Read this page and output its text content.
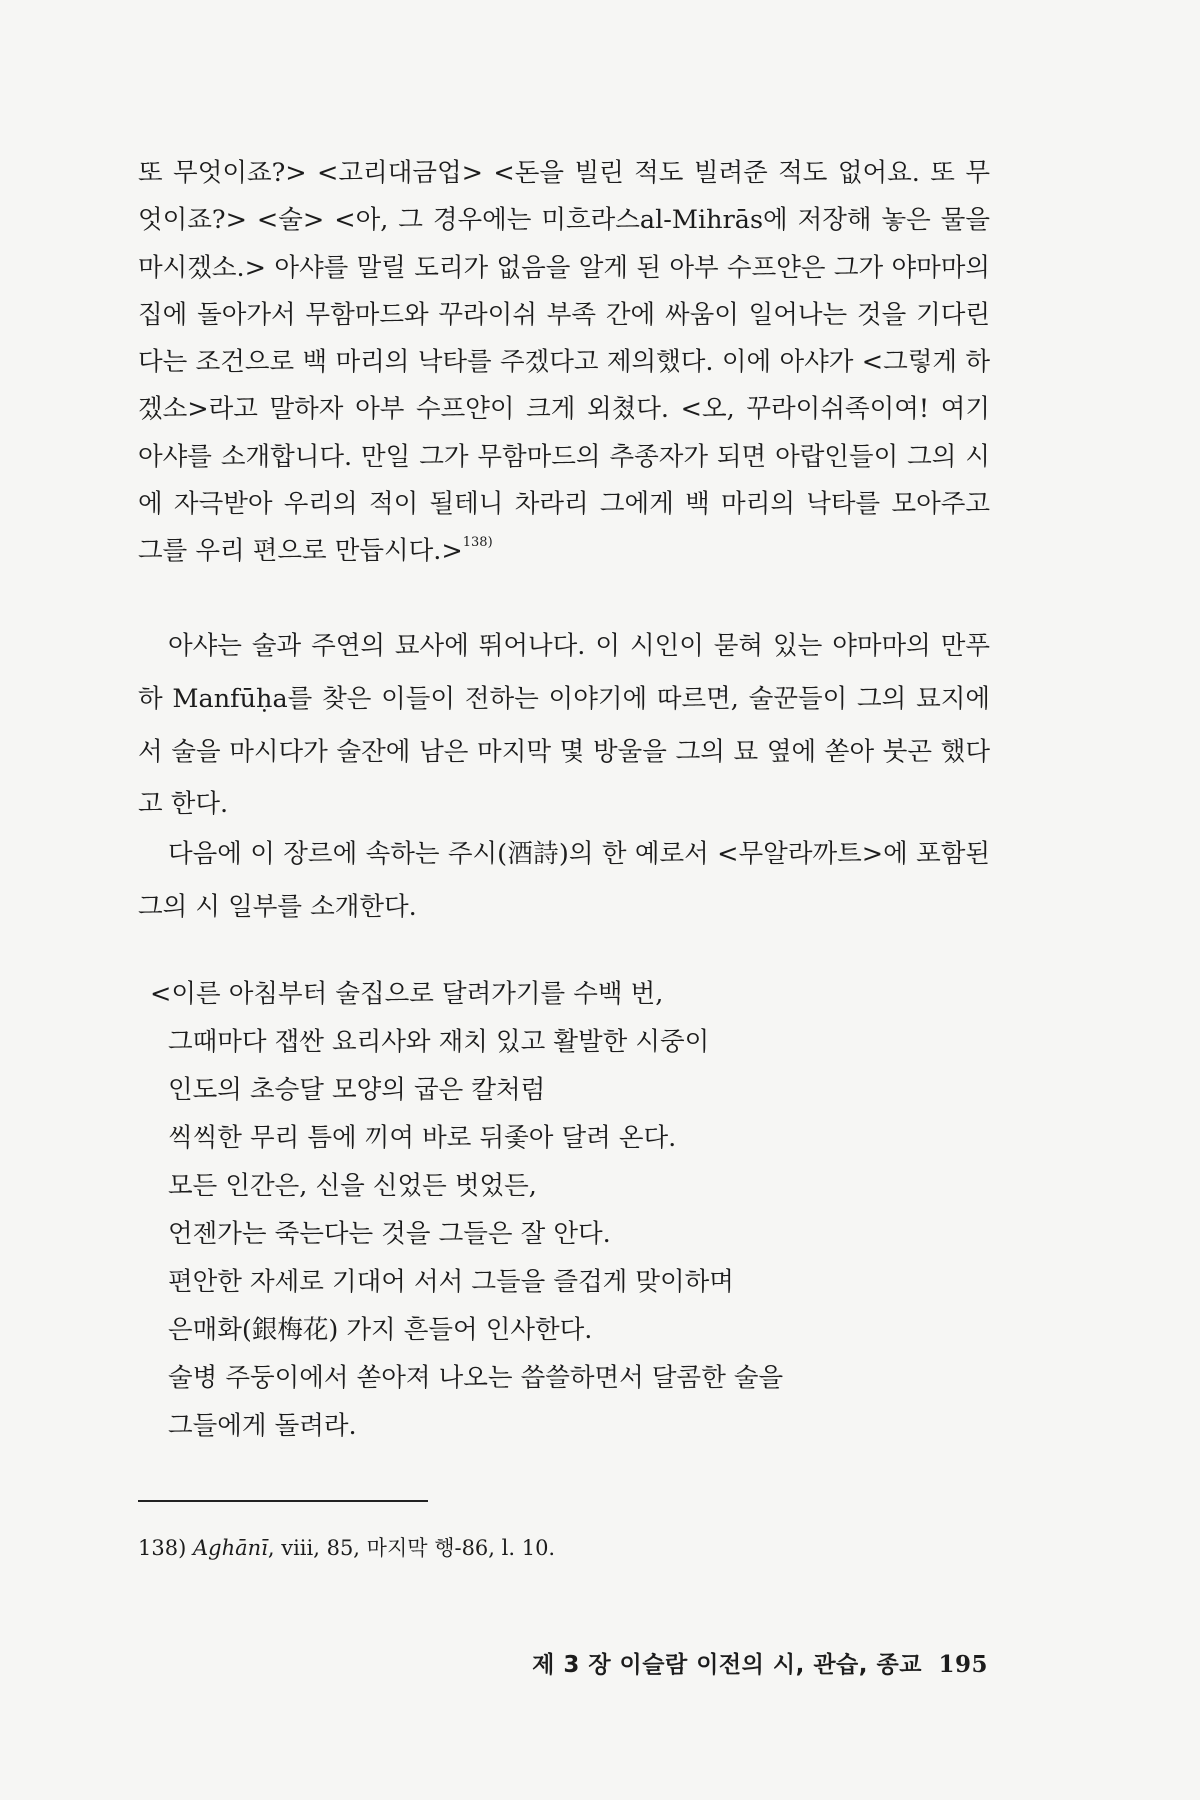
또 무엇이죠?> <고리대금업> <돈을 빌린 적도 빌려준 적도 없어요. 또 무엇이죠?> <술> <아, 그 경우에는 미흐라스al-Mihrās에 저장해 놓은 물을 마시겠소.> 아샤를 말릴 도리가 없음을 알게 된 아부 수프얀은 그가 야마마의 집에 돌아가서 무함마드와 꾸라이쉬 부족 간에 싸움이 일어나는 것을 기다린다는 조건으로 백 마리의 낙타를 주겠다고 제의했다. 이에 아샤가 <그렇게 하겠소>라고 말하자 아부 수프얀이 크게 외쳤다. <오, 꾸라이쉬족이여! 여기 아샤를 소개합니다. 만일 그가 무함마드의 추종자가 되면 아랍인들이 그의 시에 자극받아 우리의 적이 될테니 차라리 그에게 백 마리의 낙타를 모아주고 그를 우리 편으로 만듭시다.>$^{138)}$

아샤는 술과 주연의 묘사에 뛰어나다. 이 시인이 묻혀 있는 야마마의 만푸하 Manfūḥa를 찾은 이들이 전하는 이야기에 따르면, 술꾼들이 그의 묘지에서 술을 마시다가 술잔에 남은 마지막 몇 방울을 그의 묘 옆에 쏟아 붓곤 했다고 한다.

다음에 이 장르에 속하는 주시(酒詩)의 한 예로서 <무알라까트>에 포함된 그의 시 일부를 소개한다.

<이른 아침부터 술집으로 달려가기를 수백 번,
그때마다 잽싼 요리사와 재치 있고 활발한 시중이
인도의 초승달 모양의 굽은 칼처럼
씩씩한 무리 틈에 끼여 바로 뒤좇아 달려 온다.
모든 인간은, 신을 신었든 벗었든,
언젠가는 죽는다는 것을 그들은 잘 안다.
편안한 자세로 기대어 서서 그들을 즐겁게 맞이하며
은매화(銀梅花) 가지 흔들어 인사한다.
술병 주둥이에서 쏟아져 나오는 씁쓸하면서 달콤한 술을
그들에게 돌려라.
138) Aghānī, viii, 85, 마지막 행-86, l. 10.
제 3 장 이슬람 이전의 시, 관습, 종교 195
